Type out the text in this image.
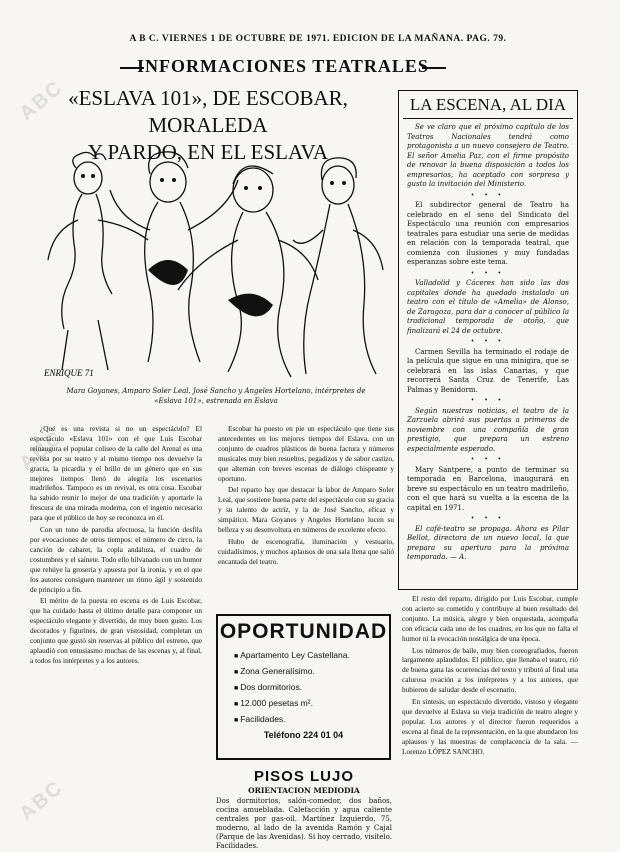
ABC
ABC
ABC
A B C. VIERNES 1 DE OCTUBRE DE 1971. EDICION DE LA MAÑANA. PAG. 79.
INFORMACIONES TEATRALES
«ESLAVA 101», DE ESCOBAR, MORALEDA
Y PARDO, EN EL ESLAVA
ENRIQUE 71
Mara Goyanes, Amparo Soler Leal, José Sancho y Angeles Hortelano, intérpretes de
«Eslava 101», estrenada en Eslava

¿Qué es una revista si no un espectáculo? El espectáculo «Eslava 101» con el que Luis Escobar reinaugura el popular coliseo de la calle del Arenal es una revista por su teatro y al mismo tiempo nos devuelve la gracia, la picardía y el brillo de un género que en sus mejores tiempos llenó de alegría los escenarios madrileños. Tampoco es un revival, es otra cosa. Escobar ha sabido reunir lo mejor de una tradición y aportarle la frescura de una mirada moderna, con el ingenio necesario para que el público de hoy se reconozca en él.

Con un tono de parodia afectuosa, la función desfila por evocaciones de otros tiempos: el número de circo, la canción de cabaret, la copla andaluza, el cuadro de costumbres y el sainete. Todo ello hilvanado con un humor que rehúye la grosería y apuesta por la ironía, y en el que los autores consiguen mantener un ritmo ágil y sostenido de principio a fin.

El mérito de la puesta en escena es de Luis Escobar, que ha cuidado hasta el último detalle para componer un espectáculo elegante y divertido, de muy buen gusto. Los decorados y figurines, de gran vistosidad, completan un conjunto que gustó sin reservas al público del estreno, que aplaudió con entusiasmo muchas de las escenas y, al final, a todos los intérpretes y a los autores.

Escobar ha puesto en pie un espectáculo que tiene sus antecedentes en los mejores tiempos del Eslava, con un conjunto de cuadros plásticos de buena factura y números musicales muy bien resueltos, pegadizos y de sabor castizo, que alternan con breves escenas de diálogo chispeante y oportuno.

Del reparto hay que destacar la labor de Amparo Soler Leal, que sostiene buena parte del espectáculo con su gracia y su talento de actriz, y la de José Sancho, eficaz y simpático. Mara Goyanes y Angeles Hortelano lucen su belleza y su desenvoltura en números de excelente efecto.

Hubo de escenografía, iluminación y vestuario, cuidadísimos, y muchos aplausos de una sala llena que salió encantada del teatro.

OPORTUNIDAD
■ Apartamento Ley Castellana.
■ Zona Generalísimo.
■ Dos dormitorios.
■ 12.000 pesetas m².
■ Facilidades.
Teléfono 224 01 04
PISOS LUJO
ORIENTACION MEDIODIA
Dos dormitorios, salón-comedor, dos baños, cocina amueblada. Calefacción y agua caliente centrales por gas-oil. Martínez Izquierdo, 75, moderno, al lado de la avenida Ramón y Cajal (Parque de las Avenidas). Si hoy cerrado, visítelo. Facilidades.
LA ESCENA, AL DIA

Se ve claro que el próximo capítulo de los Teatros Nacionales tendrá como protagonista a un nuevo consejero de Teatro. El señor Amelia Paz, con el firme propósito de renovar la buena disposición a todos los empresarios, ha aceptado con sorpresa y gusto la invitación del Ministerio.

• • •

El subdirector general de Teatro ha celebrado en el seno del Sindicato del Espectáculo una reunión con empresarios teatrales para estudiar una serie de medidas en relación con la temporada teatral, que comienza con ilusiones y muy fundadas esperanzas sobre este tema.

• • •

Valladolid y Cáceres han sido las dos capitales donde ha quedado instalado un teatro con el título de «Amelia» de Alonso, de Zaragoza, para dar a conocer al público la tradicional temporada de otoño, que finalizará el 24 de octubre.

• • •

Carmen Sevilla ha terminado el rodaje de la película que sigue en una minigira, que se celebrará en las islas Canarias, y que recorrerá Santa Cruz de Tenerife, Las Palmas y Benidorm.

• • •

Según nuestras noticias, el teatro de la Zarzuela abrirá sus puertas a primeros de noviembre con una compañía de gran prestigio, que prepara un estreno especialmente esperado.

• • •

Mary Santpere, a punto de terminar su temporada en Barcelona, inaugurará en breve su espectáculo en un teatro madrileño, con el que hará su vuelta a la escena de la capital en 1971.

• • •

El café-teatro se propaga. Ahora es Pilar Bellot, directora de un nuevo local, la que prepara su apertura para la próxima temporada. — A.

El resto del reparto, dirigido por Luis Escobar, cumple con acierto su cometido y contribuye al buen resultado del conjunto. La música, alegre y bien orquestada, acompaña con eficacia cada uno de los cuadros, en los que no falta el humor ni la evocación nostálgica de una época.

Los números de baile, muy bien coreografiados, fueron largamente aplaudidos. El público, que llenaba el teatro, rió de buena gana las ocurrencias del texto y tributó al final una calurosa ovación a los intérpretes y a los autores, que hubieron de saludar desde el escenario.

En síntesis, un espectáculo divertido, vistoso y elegante que devuelve al Eslava su vieja tradición de teatro alegre y popular. Los autores y el director fueron requeridos a escena al final de la representación, en la que abundaron los aplausos y las muestras de complacencia de la sala. — Lorenzo LÓPEZ SANCHO.
